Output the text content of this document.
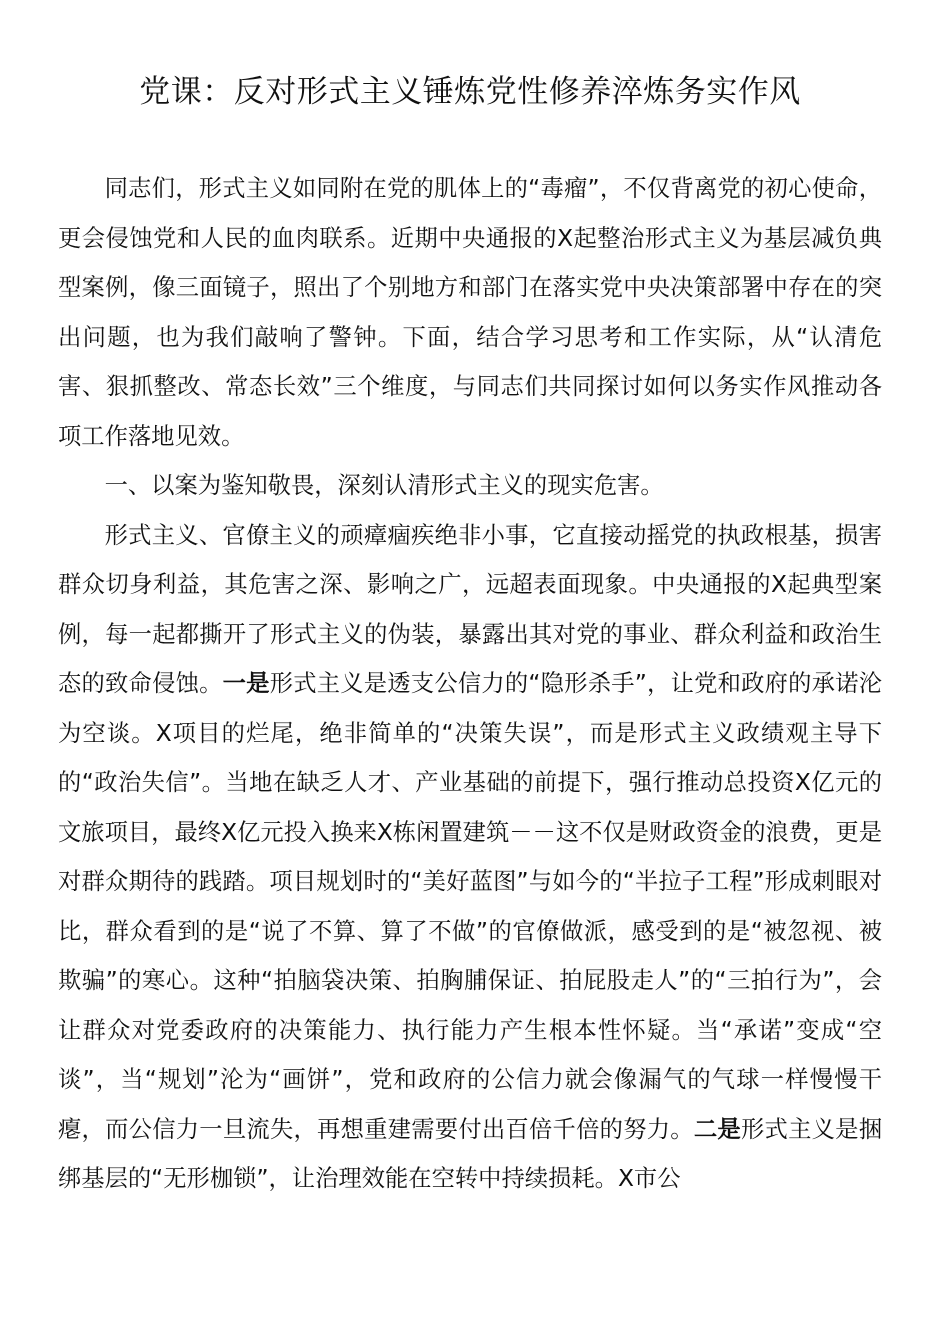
党课：反对形式主义锤炼党性修养淬炼务实作风

同志们，形式主义如同附在党的肌体上的“毒瘤”，不仅背离党的初心使命，更会侵蚀党和人民的血肉联系。近期中央通报的X起整治形式主义为基层减负典型案例，像三面镜子，照出了个别地方和部门在落实党中央决策部署中存在的突出问题，也为我们敲响了警钟。下面，结合学习思考和工作实际，从“认清危害、狠抓整改、常态长效”三个维度，与同志们共同探讨如何以务实作风推动各项工作落地见效。

一、以案为鉴知敬畏，深刻认清形式主义的现实危害。

形式主义、官僚主义的顽瘴痼疾绝非小事，它直接动摇党的执政根基，损害群众切身利益，其危害之深、影响之广，远超表面现象。中央通报的X起典型案例，每一起都撕开了形式主义的伪装，暴露出其对党的事业、群众利益和政治生态的致命侵蚀。一是形式主义是透支公信力的“隐形杀手”，让党和政府的承诺沦为空谈。X项目的烂尾，绝非简单的“决策失误”，而是形式主义政绩观主导下的“政治失信”。当地在缺乏人才、产业基础的前提下，强行推动总投资X亿元的文旅项目，最终X亿元投入换来X栋闲置建筑－－这不仅是财政资金的浪费，更是对群众期待的践踏。项目规划时的“美好蓝图”与如今的“半拉子工程”形成刺眼对比，群众看到的是“说了不算、算了不做”的官僚做派，感受到的是“被忽视、被欺骗”的寒心。这种“拍脑袋决策、拍胸脯保证、拍屁股走人”的“三拍行为”，会让群众对党委政府的决策能力、执行能力产生根本性怀疑。当“承诺”变成“空谈”，当“规划”沦为“画饼”，党和政府的公信力就会像漏气的气球一样慢慢干瘪，而公信力一旦流失，再想重建需要付出百倍千倍的努力。二是形式主义是捆绑基层的“无形枷锁”，让治理效能在空转中持续损耗。X市公
